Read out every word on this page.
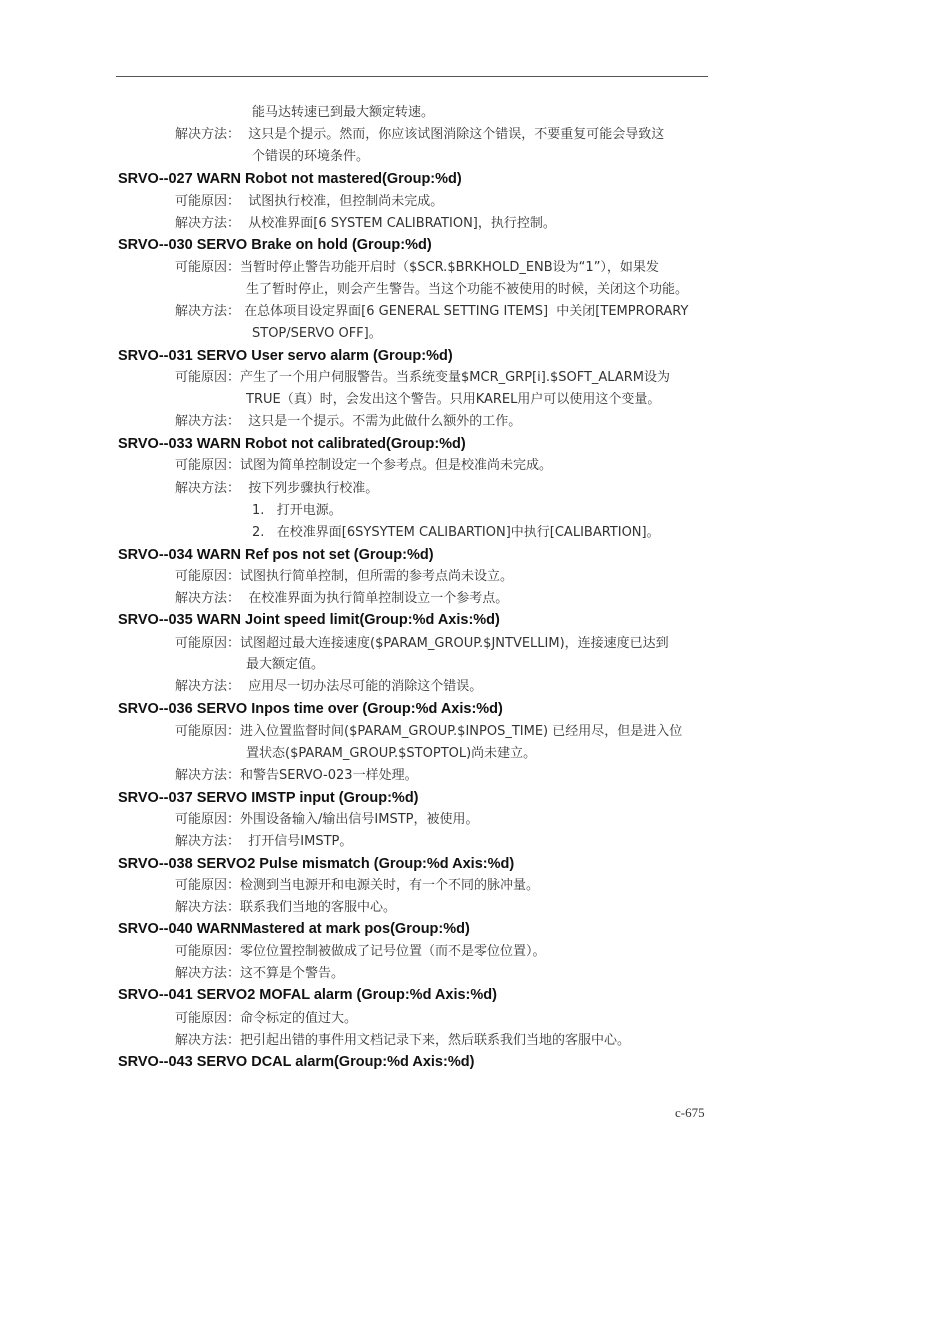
能马达转速已到最大额定转速。
解决方法：  这只是个提示。然而，你应该试图消除这个错误，不要重复可能会导致这
个错误的环境条件。
SRVO--027 WARN Robot not mastered(Group:%d)
可能原因：  试图执行校准，但控制尚未完成。
解决方法：  从校准界面[6 SYSTEM CALIBRATION]，执行控制。
SRVO--030 SERVO Brake on hold (Group:%d)
可能原因：当暂时停止警告功能开启时（$SCR.$BRKHOLD_ENB设为“1”），如果发
生了暂时停止，则会产生警告。当这个功能不被使用的时候，关闭这个功能。
解决方法： 在总体项目设定界面[6 GENERAL SETTING ITEMS]  中关闭[TEMPRORARY
STOP/SERVO OFF]。
SRVO--031 SERVO User servo alarm (Group:%d)
可能原因：产生了一个用户伺服警告。当系统变量$MCR_GRP[i].$SOFT_ALARM设为
TRUE（真）时，会发出这个警告。只用KAREL用户可以使用这个变量。
解决方法：  这只是一个提示。不需为此做什么额外的工作。
SRVO--033 WARN Robot not calibrated(Group:%d)
可能原因：试图为简单控制设定一个参考点。但是校准尚未完成。
解决方法：  按下列步骤执行校准。
1.   打开电源。
2.   在校准界面[6SYSYTEM CALIBARTION]中执行[CALIBARTION]。
SRVO--034 WARN Ref pos not set (Group:%d)
可能原因：试图执行简单控制，但所需的参考点尚未设立。
解决方法：  在校准界面为执行简单控制设立一个参考点。
SRVO--035 WARN Joint speed limit(Group:%d Axis:%d)
可能原因：试图超过最大连接速度($PARAM_GROUP.$JNTVELLIM)，连接速度已达到
最大额定值。
解决方法：  应用尽一切办法尽可能的消除这个错误。
SRVO--036 SERVO Inpos time over (Group:%d Axis:%d)
可能原因：进入位置监督时间($PARAM_GROUP.$INPOS_TIME) 已经用尽，但是进入位
置状态($PARAM_GROUP.$STOPTOL)尚未建立。
解决方法：和警告SERVO-023一样处理。
SRVO--037 SERVO IMSTP input (Group:%d)
可能原因：外围设备输入/输出信号IMSTP，被使用。
解决方法：  打开信号IMSTP。
SRVO--038 SERVO2 Pulse mismatch (Group:%d Axis:%d)
可能原因：检测到当电源开和电源关时，有一个不同的脉冲量。
解决方法：联系我们当地的客服中心。
SRVO--040 WARNMastered at mark pos(Group:%d)
可能原因：零位位置控制被做成了记号位置（而不是零位位置）。
解决方法：这不算是个警告。
SRVO--041 SERVO2 MOFAL alarm (Group:%d Axis:%d)
可能原因：命令标定的值过大。
解决方法：把引起出错的事件用文档记录下来，然后联系我们当地的客服中心。
SRVO--043 SERVO DCAL alarm(Group:%d Axis:%d)
c-675
